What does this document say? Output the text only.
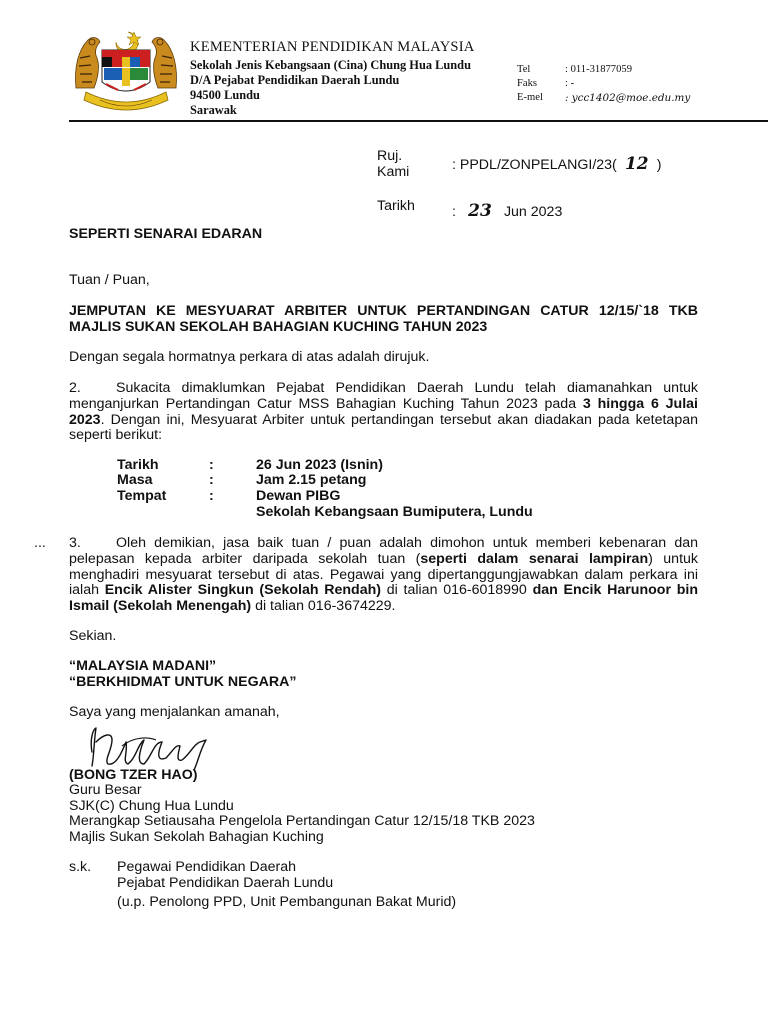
KEMENTERIAN PENDIDIKAN MALAYSIA
Sekolah Jenis Kebangsaan (Cina) Chung Hua Lundu
D/A Pejabat Pendidikan Daerah Lundu
94500 Lundu
Sarawak
Tel	: 011-31877059
Faks	: -
E-mel : ycc1402@moe.edu.my
Ruj.
Kami	: PPDL/ZONPELANGI/23( 12 )
Tarikh	: 23 Jun 2023
SEPERTI SENARAI EDARAN
Tuan / Puan,
JEMPUTAN KE MESYUARAT ARBITER UNTUK PERTANDINGAN CATUR 12/15/`18 TKB
MAJLIS SUKAN SEKOLAH BAHAGIAN KUCHING TAHUN 2023
Dengan segala hormatnya perkara di atas adalah dirujuk.
2. Sukacita dimaklumkan Pejabat Pendidikan Daerah Lundu telah diamanahkan untuk menganjurkan Pertandingan Catur MSS Bahagian Kuching Tahun 2023 pada 3 hingga 6 Julai 2023. Dengan ini, Mesyuarat Arbiter untuk pertandingan tersebut akan diadakan pada ketetapan seperti berikut:
Tarikh	:	26 Jun 2023 (Isnin)
Masa	:	Jam 2.15 petang
Tempat	:	Dewan PIBG
Sekolah Kebangsaan Bumiputera, Lundu
... 3. Oleh demikian, jasa baik tuan / puan adalah dimohon untuk memberi kebenaran dan pelepasan kepada arbiter daripada sekolah tuan (seperti dalam senarai lampiran) untuk menghadiri mesyuarat tersebut di atas. Pegawai yang dipertanggungjawabkan dalam perkara ini ialah Encik Alister Singkun (Sekolah Rendah) di talian 016-6018990 dan Encik Harunoor bin Ismail (Sekolah Menengah) di talian 016-3674229.
Sekian.
“MALAYSIA MADANI”
“BERKHIDMAT UNTUK NEGARA”
Saya yang menjalankan amanah,
(BONG TZER HAO)
Guru Besar
SJK(C) Chung Hua Lundu
Merangkap Setiausaha Pengelola Pertandingan Catur 12/15/18 TKB 2023
Majlis Sukan Sekolah Bahagian Kuching
s.k. Pegawai Pendidikan Daerah
Pejabat Pendidikan Daerah Lundu
(u.p. Penolong PPD, Unit Pembangunan Bakat Murid)
